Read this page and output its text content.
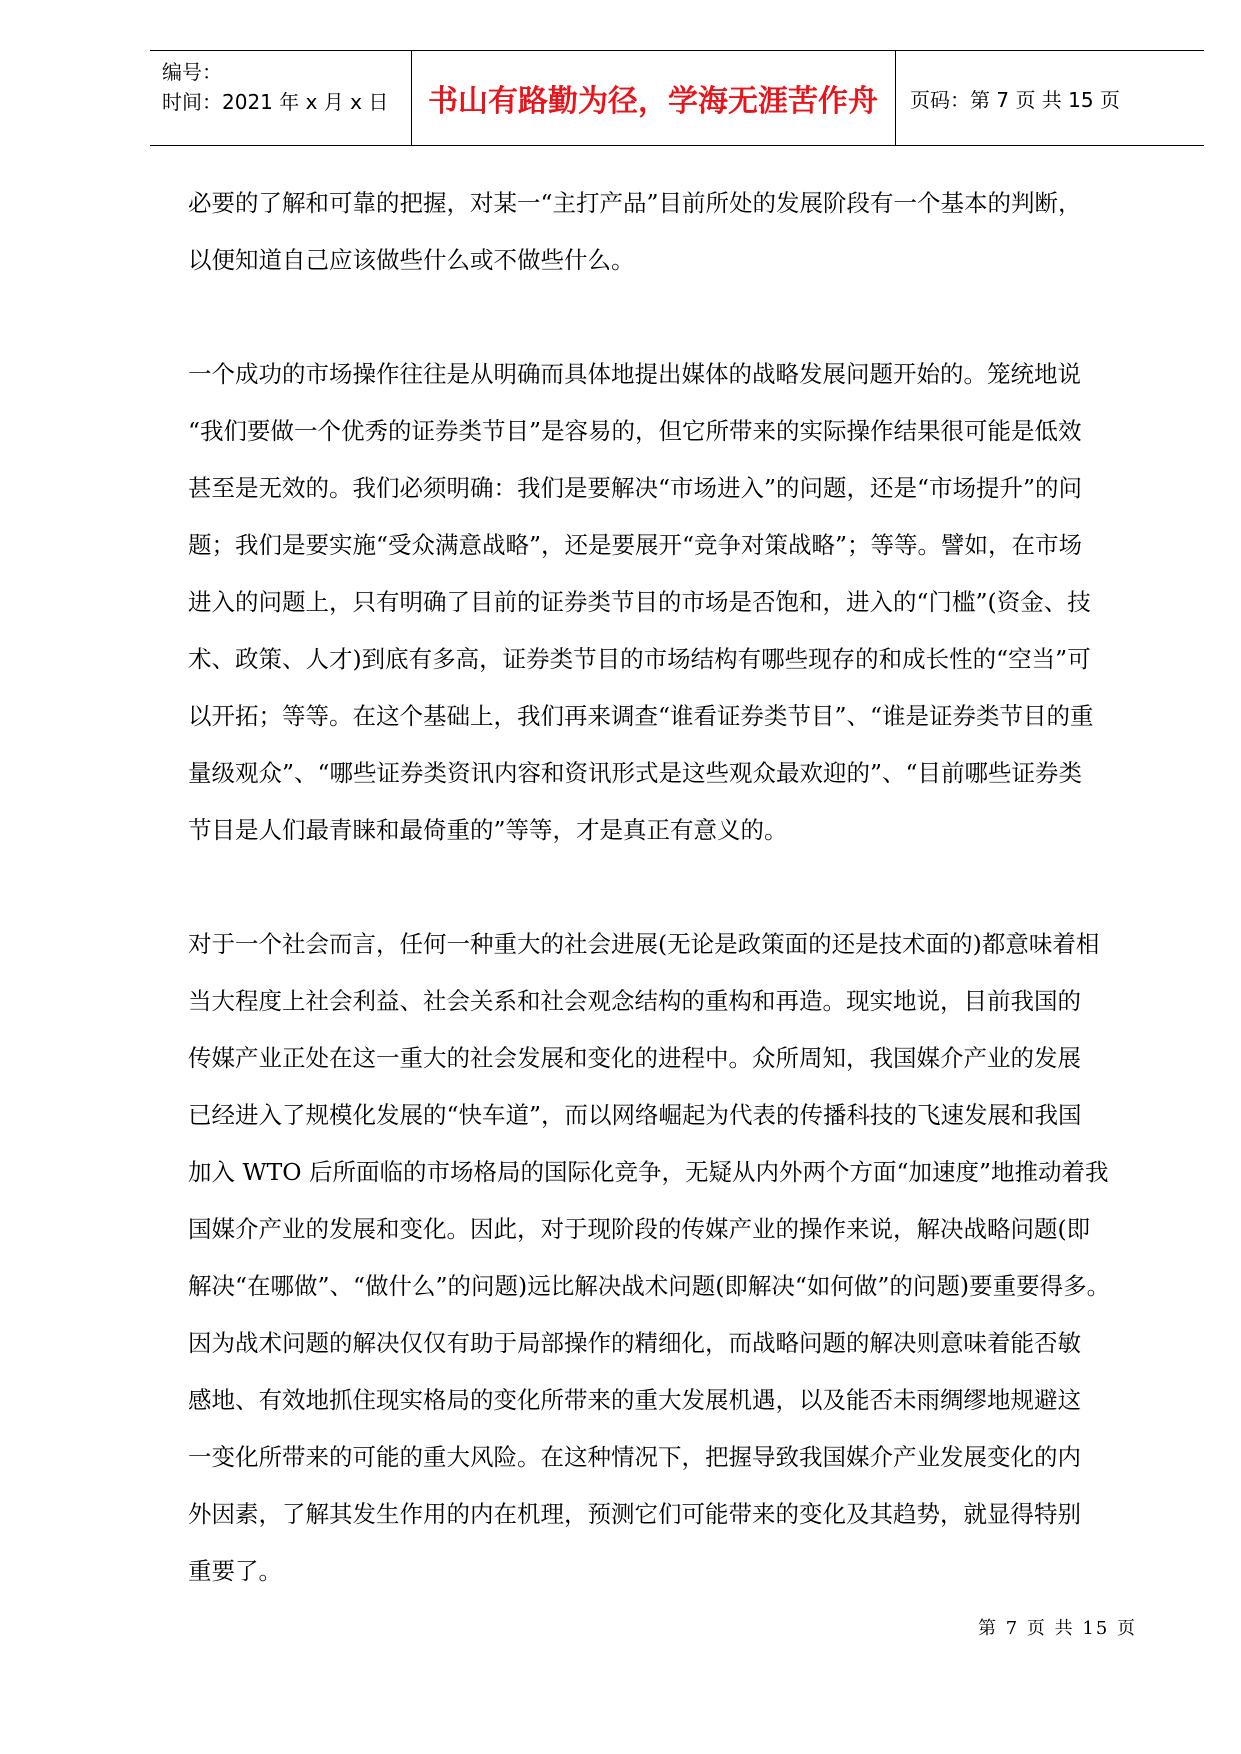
编号：
时间：2021 年 x 月 x 日	书山有路勤为径，学海无涯苦作舟	页码：第 7 页 共 15 页

必要的了解和可靠的把握，对某一“主打产品”目前所处的发展阶段有一个基本的判断，
以便知道自己应该做些什么或不做些什么。

一个成功的市场操作往往是从明确而具体地提出媒体的战略发展问题开始的。笼统地说
“我们要做一个优秀的证券类节目”是容易的，但它所带来的实际操作结果很可能是低效
甚至是无效的。我们必须明确：我们是要解决“市场进入”的问题，还是“市场提升”的问
题；我们是要实施“受众满意战略”，还是要展开“竞争对策战略”；等等。譬如，在市场
进入的问题上，只有明确了目前的证券类节目的市场是否饱和，进入的“门槛”(资金、技
术、政策、人才)到底有多高，证券类节目的市场结构有哪些现存的和成长性的“空当”可
以开拓；等等。在这个基础上，我们再来调查“谁看证券类节目”、“谁是证券类节目的重
量级观众”、“哪些证券类资讯内容和资讯形式是这些观众最欢迎的”、“目前哪些证券类
节目是人们最青睐和最倚重的”等等，才是真正有意义的。

对于一个社会而言，任何一种重大的社会进展(无论是政策面的还是技术面的)都意味着相
当大程度上社会利益、社会关系和社会观念结构的重构和再造。现实地说，目前我国的
传媒产业正处在这一重大的社会发展和变化的进程中。众所周知，我国媒介产业的发展
已经进入了规模化发展的“快车道”，而以网络崛起为代表的传播科技的飞速发展和我国
加入 WTO 后所面临的市场格局的国际化竞争，无疑从内外两个方面“加速度”地推动着我
国媒介产业的发展和变化。因此，对于现阶段的传媒产业的操作来说，解决战略问题(即
解决“在哪做”、“做什么”的问题)远比解决战术问题(即解决“如何做”的问题)要重要得多。
因为战术问题的解决仅仅有助于局部操作的精细化，而战略问题的解决则意味着能否敏
感地、有效地抓住现实格局的变化所带来的重大发展机遇，以及能否未雨绸缪地规避这
一变化所带来的可能的重大风险。在这种情况下，把握导致我国媒介产业发展变化的内
外因素，了解其发生作用的内在机理，预测它们可能带来的变化及其趋势，就显得特别
重要了。

第 7 页 共 15 页
